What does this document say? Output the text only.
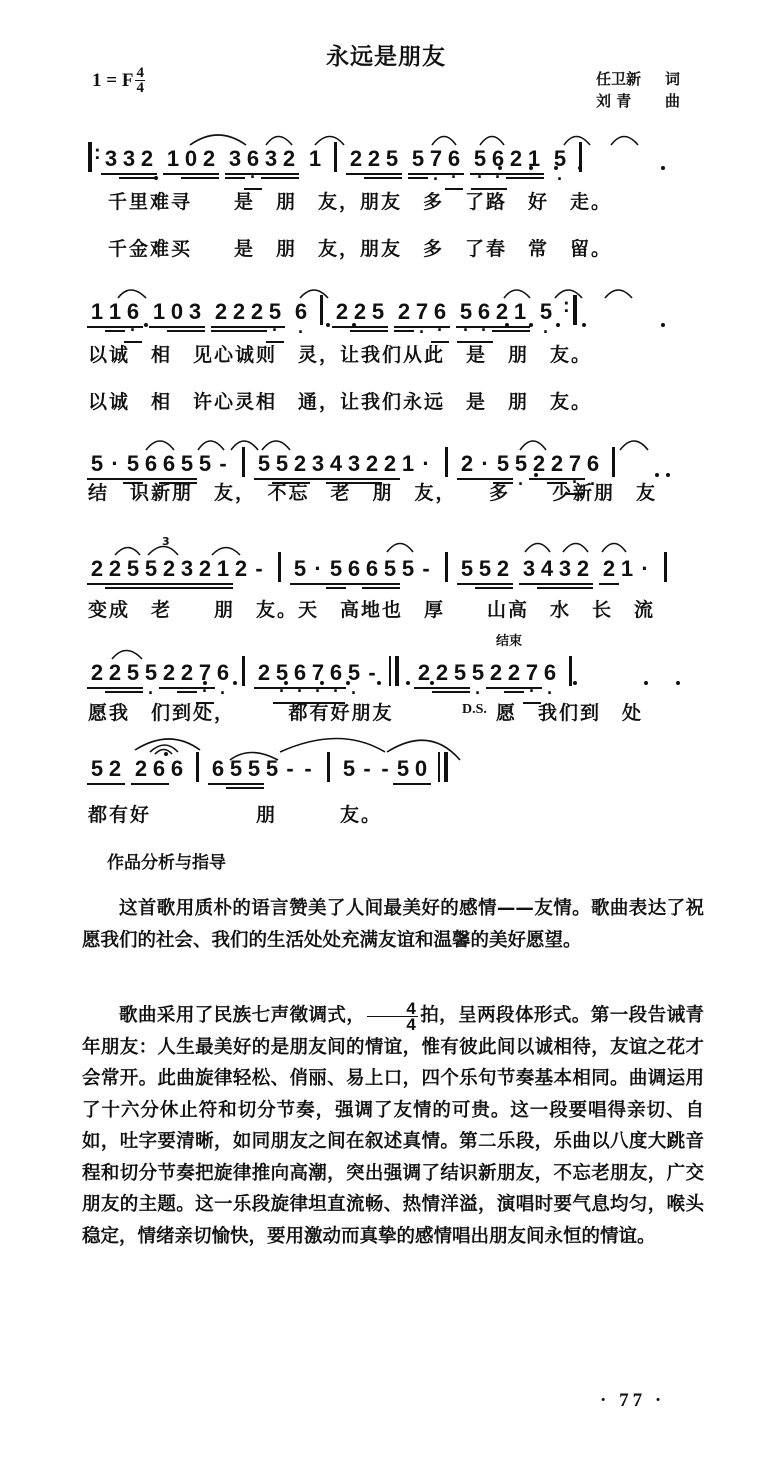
永远是朋友
1 = F $\frac{4}{4}$	任卫新 词
刘 青 曲
:
3 3 2 1 0 2 3 · 6 3 2 1 2 2 5 5 · 7 · 6 · 5 · 6 2 1 · 5
千里难寻　　是　朋　友，朋友　多　了路　好　走。
千金难买　　是　朋　友，朋友　多　了春　常　留。
1 1 · 6 1 0 3 2 2 2 · 5 · 6 2 2 5 2 · 7 · 6 · 5 · 6 2 1 · 5
:
以诚　相　见心诚则　灵，让我们从此　是　朋　友。
以诚　相　许心灵相　通，让我们永远　是　朋　友。
5 · 5 6 6 5 5 - 5 5 2 3 4 3 2 2 1 · 2 · 5 · 5 2 2 · 7 · 6
结　识新朋　友，　不忘　老　朋　友，　　多　　少新朋　友
2 2 5 5 2 3 2 1 2 - 5 · 5 6 6 5 5 - 5 5 2 3 4 3 2 2 1 ·
3
变成　老　　朋　友。天　高地也　厚　　山高　水　长　流
结束
2 2 5 · 5 2 2 · 7 · 6 2 · 5 · 6 · 7 · 6 · 5 - 2 2 5 · 5 2 2 · 7 · 6
愿我　们到处，　　　都有好朋友　　 D.S. 愿　我们到　处
5 2 2 6 6 6 5 5 5 - - 5 - - 5 0
都有好　　　　　朋　　　友。
作品分析与指导

这首歌用质朴的语言赞美了人间最美好的感情——友情。歌曲表达了祝愿我们的社会、我们的生活处处充满友谊和温馨的美好愿望。

歌曲采用了民族七声徵调式， $\frac{4}{4}$ 拍，呈两段体形式。第一段告诫青年朋友：人生最美好的是朋友间的情谊，惟有彼此间以诚相待，友谊之花才会常开。此曲旋律轻松、俏丽、易上口，四个乐句节奏基本相同。曲调运用了十六分休止符和切分节奏，强调了友情的可贵。这一段要唱得亲切、自如，吐字要清晰，如同朋友之间在叙述真情。第二乐段，乐曲以八度大跳音程和切分节奏把旋律推向高潮，突出强调了结识新朋友，不忘老朋友，广交朋友的主题。这一乐段旋律坦直流畅、热情洋溢，演唱时要气息均匀，喉头稳定，情绪亲切愉快，要用激动而真挚的感情唱出朋友间永恒的情谊。

· 77 ·
